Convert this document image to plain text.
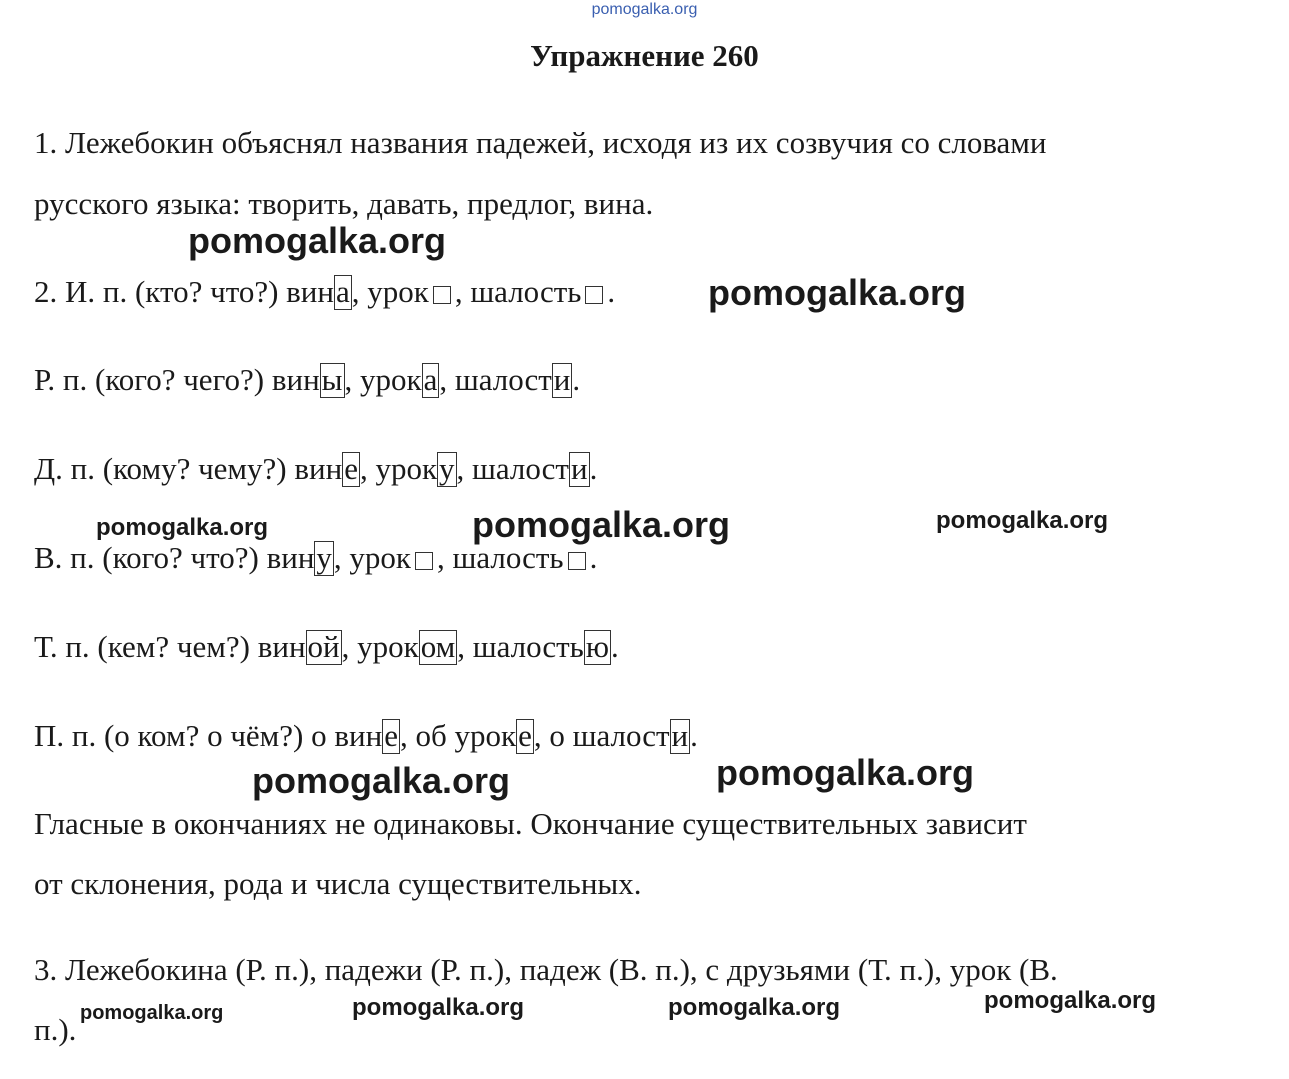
pomogalka.org
Упражнение 260
1. Лежебокин объяснял названия падежей, исходя из их созвучия со словами
русского языка: творить, давать, предлог, вина.
2. И. п. (кто? что?) вина, урок , шалость .
Р. п. (кого? чего?) вины, урока, шалости.
Д. п. (кому? чему?) вине, уроку, шалости.
В. п. (кого? что?) вину, урок , шалость .
Т. п. (кем? чем?) виной, уроком, шалостью.
П. п. (о ком? о чём?) о вине, об уроке, о шалости.
Гласные в окончаниях не одинаковы. Окончание существительных зависит
от склонения, рода и числа существительных.
3. Лежебокина (Р. п.), падежи (Р. п.), падеж (В. п.), с друзьями (Т. п.), урок (В.
п.).
pomogalka.org
pomogalka.org
pomogalka.org	pomogalka.org	pomogalka.org
pomogalka.org	pomogalka.org
pomogalka.org	pomogalka.org	pomogalka.org	pomogalka.org
